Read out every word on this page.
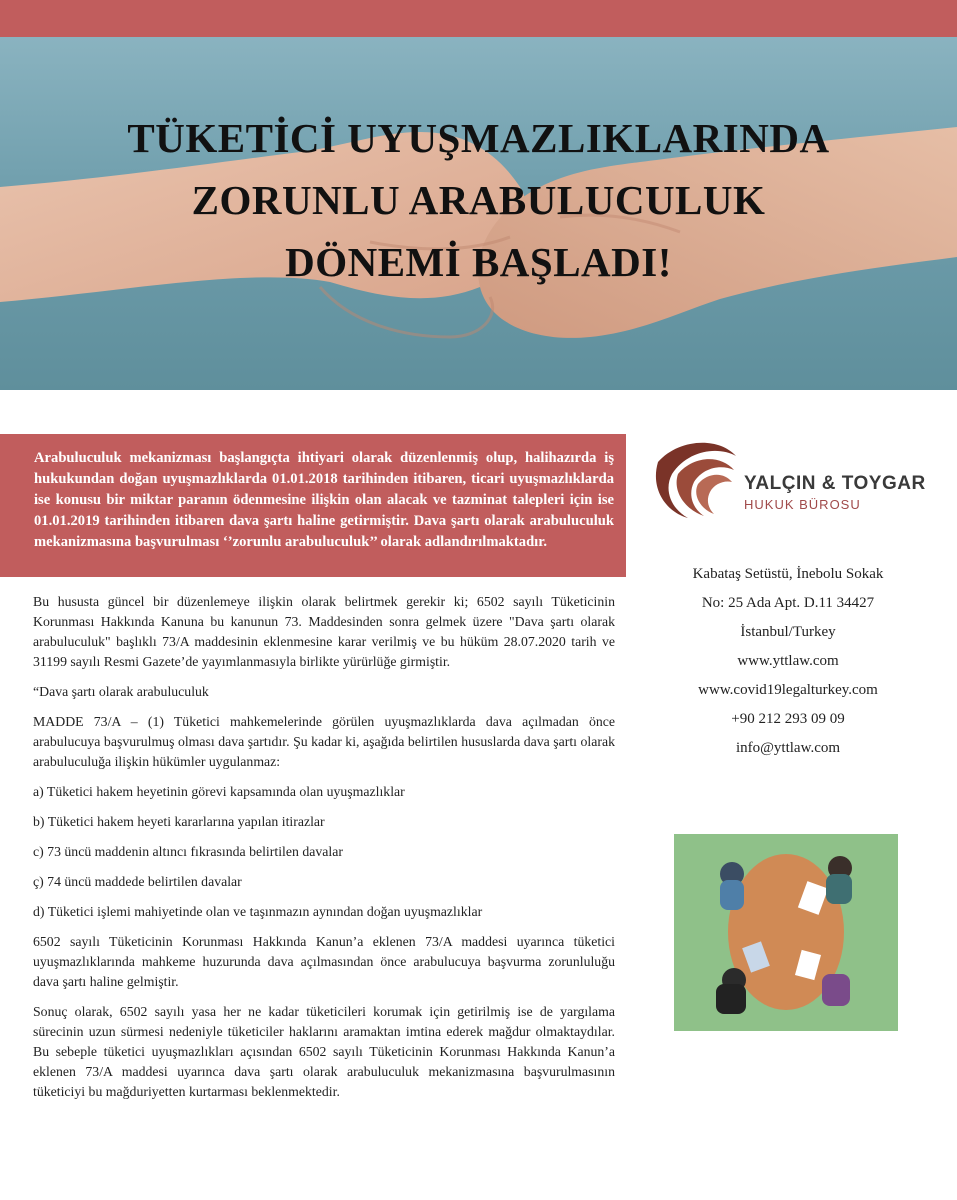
TÜKETİCİ UYUŞMAZLIKLARINDA
ZORUNLU ARABULUCULUK
DÖNEMİ BAŞLADI!

Arabuluculuk mekanizması başlangıçta ihtiyari olarak düzenlenmiş olup, halihazırda iş hukukundan doğan uyuşmazlıklarda 01.01.2018 tarihinden itibaren, ticari uyuşmazlıklarda ise konusu bir miktar paranın ödenmesine ilişkin olan alacak ve tazminat talepleri için ise 01.01.2019 tarihinden itibaren dava şartı haline getirmiştir. Dava şartı olarak arabuluculuk mekanizmasına başvurulması ‘’zorunlu arabuluculuk’’ olarak adlandırılmaktadır.

Bu hususta güncel bir düzenlemeye ilişkin olarak belirtmek gerekir ki; 6502 sayılı Tüketicinin Korunması Hakkında Kanuna bu kanunun 73. Maddesinden sonra gelmek üzere "Dava şartı olarak arabuluculuk" başlıklı 73/A maddesinin eklenmesine karar verilmiş ve bu hüküm 28.07.2020 tarih ve 31199 sayılı Resmi Gazete’de yayımlanmasıyla birlikte yürürlüğe girmiştir.

“Dava şartı olarak arabuluculuk

MADDE 73/A – (1) Tüketici mahkemelerinde görülen uyuşmazlıklarda dava açılmadan önce arabulucuya başvurulmuş olması dava şartıdır. Şu kadar ki, aşağıda belirtilen hususlarda dava şartı olarak arabuluculuğa ilişkin hükümler uygulanmaz:

a) Tüketici hakem heyetinin görevi kapsamında olan uyuşmazlıklar
b) Tüketici hakem heyeti kararlarına yapılan itirazlar
c) 73 üncü maddenin altıncı fıkrasında belirtilen davalar
ç) 74 üncü maddede belirtilen davalar
d) Tüketici işlemi mahiyetinde olan ve taşınmazın aynından doğan uyuşmazlıklar

6502 sayılı Tüketicinin Korunması Hakkında Kanun’a eklenen 73/A maddesi uyarınca tüketici uyuşmazlıklarında mahkeme huzurunda dava açılmasından önce arabulucuya başvurma zorunluluğu dava şartı haline gelmiştir.

Sonuç olarak, 6502 sayılı yasa her ne kadar tüketicileri korumak için getirilmiş ise de yargılama sürecinin uzun sürmesi nedeniyle tüketiciler haklarını aramaktan imtina ederek mağdur olmaktaydılar. Bu sebeple tüketici uyuşmazlıkları açısından 6502 sayılı Tüketicinin Korunması Hakkında Kanun’a eklenen 73/A maddesi uyarınca dava şartı olarak arabuluculuk mekanizmasına başvurulmasının tüketiciyi bu mağduriyetten kurtarması beklenmektedir.

YALÇIN & TOYGAR
HUKUK BÜROSU
Kabataş Setüstü, İnebolu Sokak
No: 25 Ada Apt. D.11 34427
İstanbul/Turkey
www.yttlaw.com
www.covid19legalturkey.com
+90 212 293 09 09
info@yttlaw.com
